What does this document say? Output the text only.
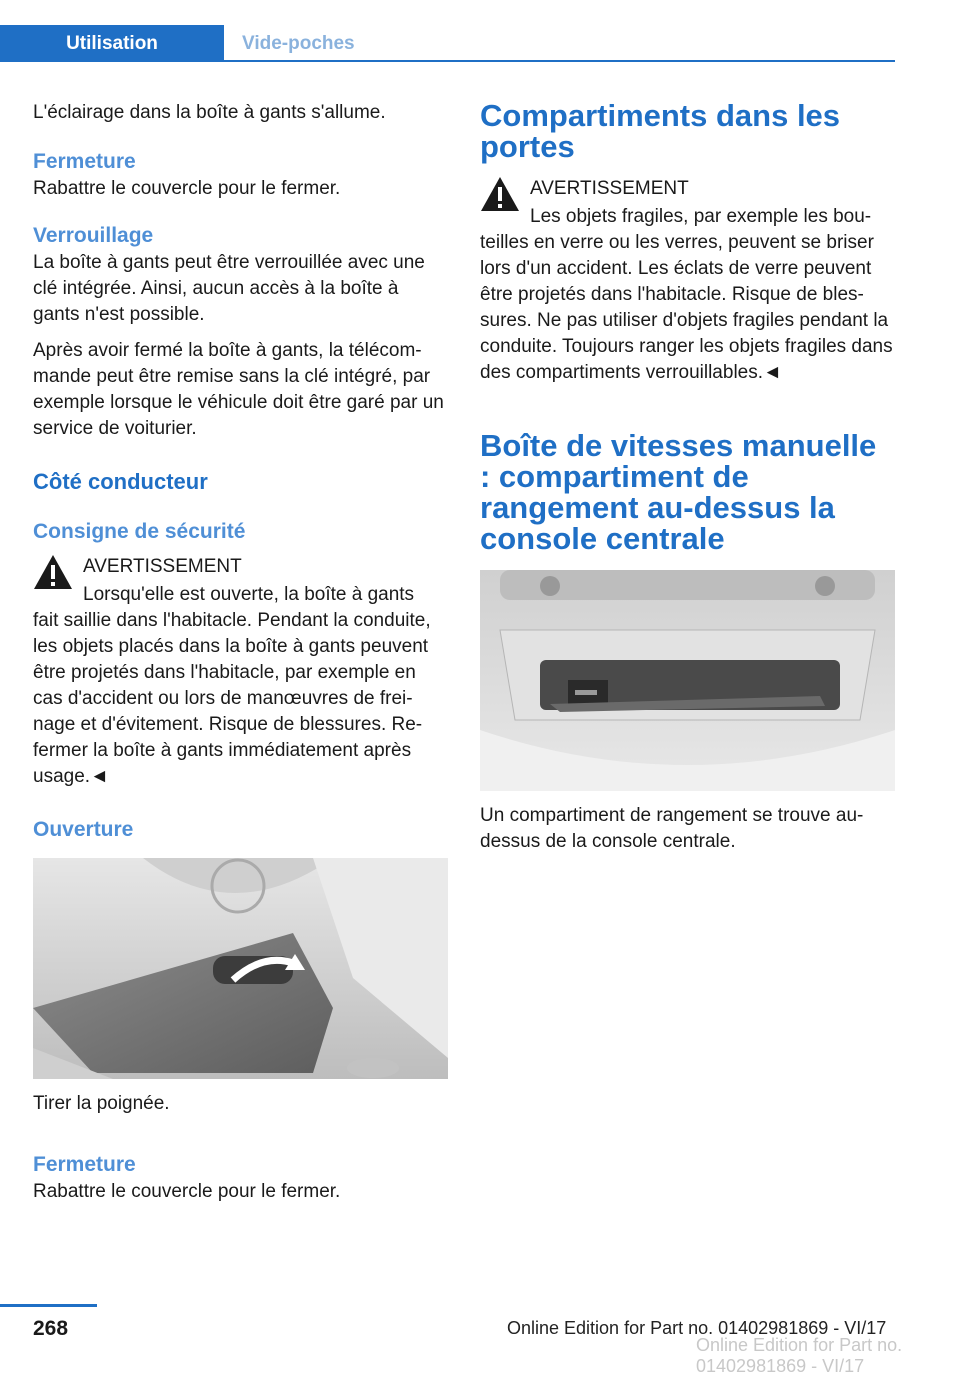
Utilisation	Vide-poches

L'éclairage dans la boîte à gants s'allume.

Fermeture

Rabattre le couvercle pour le fermer.

Verrouillage

La boîte à gants peut être verrouillée avec une clé intégrée. Ainsi, aucun accès à la boîte à gants n'est possible.

Après avoir fermé la boîte à gants, la télécom-mande peut être remise sans la clé intégré, par exemple lorsque le véhicule doit être garé par un service de voiturier.

Côté conducteur
Consigne de sécurité
AVERTISSEMENT

Lorsqu'elle est ouverte, la boîte à gants

fait saillie dans l'habitacle. Pendant la conduite, les objets placés dans la boîte à gants peuvent être projetés dans l'habitacle, par exemple en cas d'accident ou lors de manœuvres de frei-nage et d'évitement. Risque de blessures. Re-fermer la boîte à gants immédiatement après usage.◄

Ouverture

Tirer la poignée.

Fermeture

Rabattre le couvercle pour le fermer.

Compartiments dans les portes
AVERTISSEMENT

Les objets fragiles, par exemple les bou-

teilles en verre ou les verres, peuvent se briser lors d'un accident. Les éclats de verre peuvent être projetés dans l'habitacle. Risque de bles-sures. Ne pas utiliser d'objets fragiles pendant la conduite. Toujours ranger les objets fragiles dans des compartiments verrouillables.◄

Boîte de vitesses manuelle : compartiment de rangement au-dessus la console centrale

Un compartiment de rangement se trouve au-dessus de la console centrale.

268	Online Edition for Part no. 01402981869 - VI/17
Online Edition for Part no. 01402981869 - VI/17
